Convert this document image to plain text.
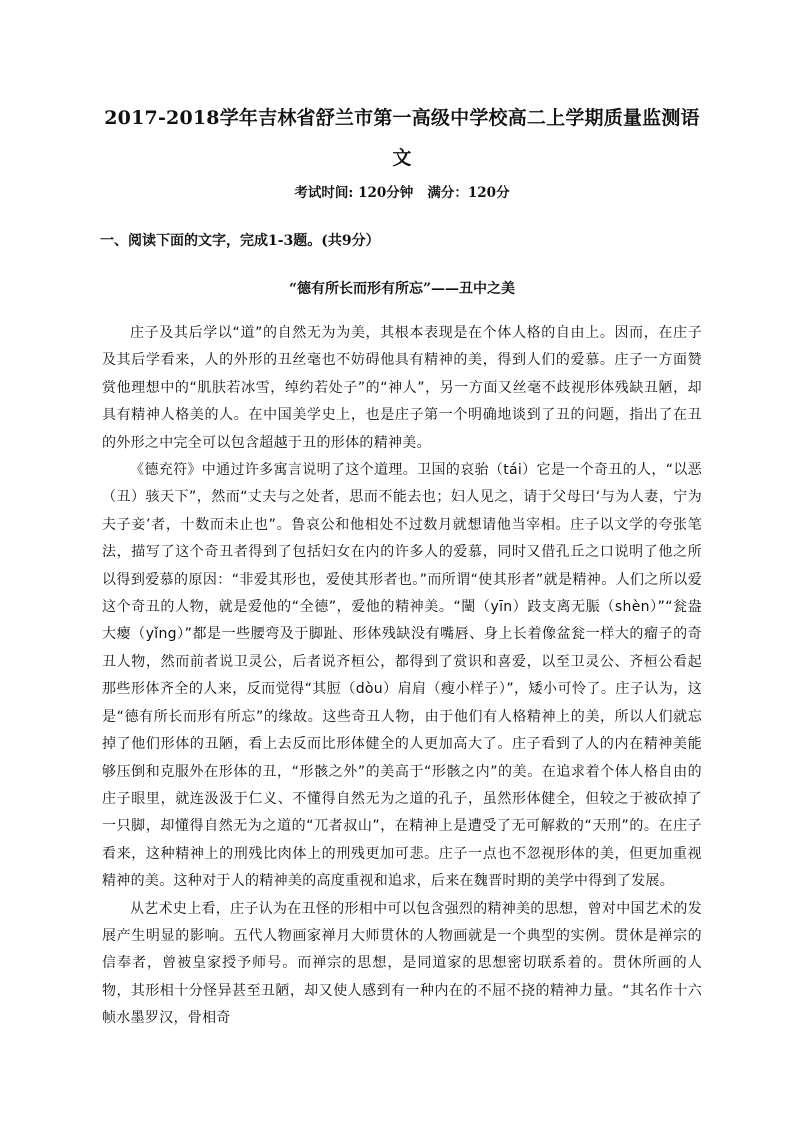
2017-2018学年吉林省舒兰市第一高级中学校高二上学期质量监测语文
考试时间: 120分钟   满分：120分
一、阅读下面的文字，完成1-3题。(共9分）
“德有所长而形有所忘”——丑中之美

庄子及其后学以“道”的自然无为为美，其根本表现是在个体人格的自由上。因而，在庄子及其后学看来，人的外形的丑丝毫也不妨碍他具有精神的美，得到人们的爱慕。庄子一方面赞赏他理想中的“肌肤若冰雪，绰约若处子”的“神人”，另一方面又丝毫不歧视形体残缺丑陋，却具有精神人格美的人。在中国美学史上，也是庄子第一个明确地谈到了丑的问题，指出了在丑的外形之中完全可以包含超越于丑的形体的精神美。

《德充符》中通过许多寓言说明了这个道理。卫国的哀骀（tái）它是一个奇丑的人，“以恶（丑）骇天下”，然而“丈夫与之处者，思而不能去也；妇人见之，请于父母曰‘与为人妻，宁为夫子妾’者，十数而未止也”。鲁哀公和他相处不过数月就想请他当宰相。庄子以文学的夸张笔法，描写了这个奇丑者得到了包括妇女在内的许多人的爱慕，同时又借孔丘之口说明了他之所以得到爱慕的原因：“非爱其形也，爱使其形者也。”而所谓“使其形者”就是精神。人们之所以爱这个奇丑的人物，就是爱他的“全德”，爱他的精神美。“闉（yīn）跂支离无脤（shèn）”“瓮盎大瘿（yǐng）”都是一些腰弯及于脚趾、形体残缺没有嘴唇、身上长着像盆瓮一样大的瘤子的奇丑人物，然而前者说卫灵公，后者说齐桓公，都得到了赏识和喜爱，以至卫灵公、齐桓公看起那些形体齐全的人来，反而觉得“其脰（dòu）肩肩（瘦小样子）”，矮小可怜了。庄子认为，这是“德有所长而形有所忘”的缘故。这些奇丑人物，由于他们有人格精神上的美，所以人们就忘掉了他们形体的丑陋，看上去反而比形体健全的人更加高大了。庄子看到了人的内在精神美能够压倒和克服外在形体的丑，“形骸之外”的美高于“形骸之内”的美。在追求着个体人格自由的庄子眼里，就连汲汲于仁义、不懂得自然无为之道的孔子，虽然形体健全，但较之于被砍掉了一只脚，却懂得自然无为之道的“兀者叔山”，在精神上是遭受了无可解救的“天刑”的。在庄子看来，这种精神上的刑残比肉体上的刑残更加可悲。庄子一点也不忽视形体的美，但更加重视精神的美。这种对于人的精神美的高度重视和追求，后来在魏晋时期的美学中得到了发展。

从艺术史上看，庄子认为在丑怪的形相中可以包含强烈的精神美的思想，曾对中国艺术的发展产生明显的影响。五代人物画家禅月大师贯休的人物画就是一个典型的实例。贯休是禅宗的信奉者，曾被皇家授予师号。而禅宗的思想，是同道家的思想密切联系着的。贯休所画的人物，其形相十分怪异甚至丑陋，却又使人感到有一种内在的不屈不挠的精神力量。“其名作十六帧水墨罗汉，骨相奇
